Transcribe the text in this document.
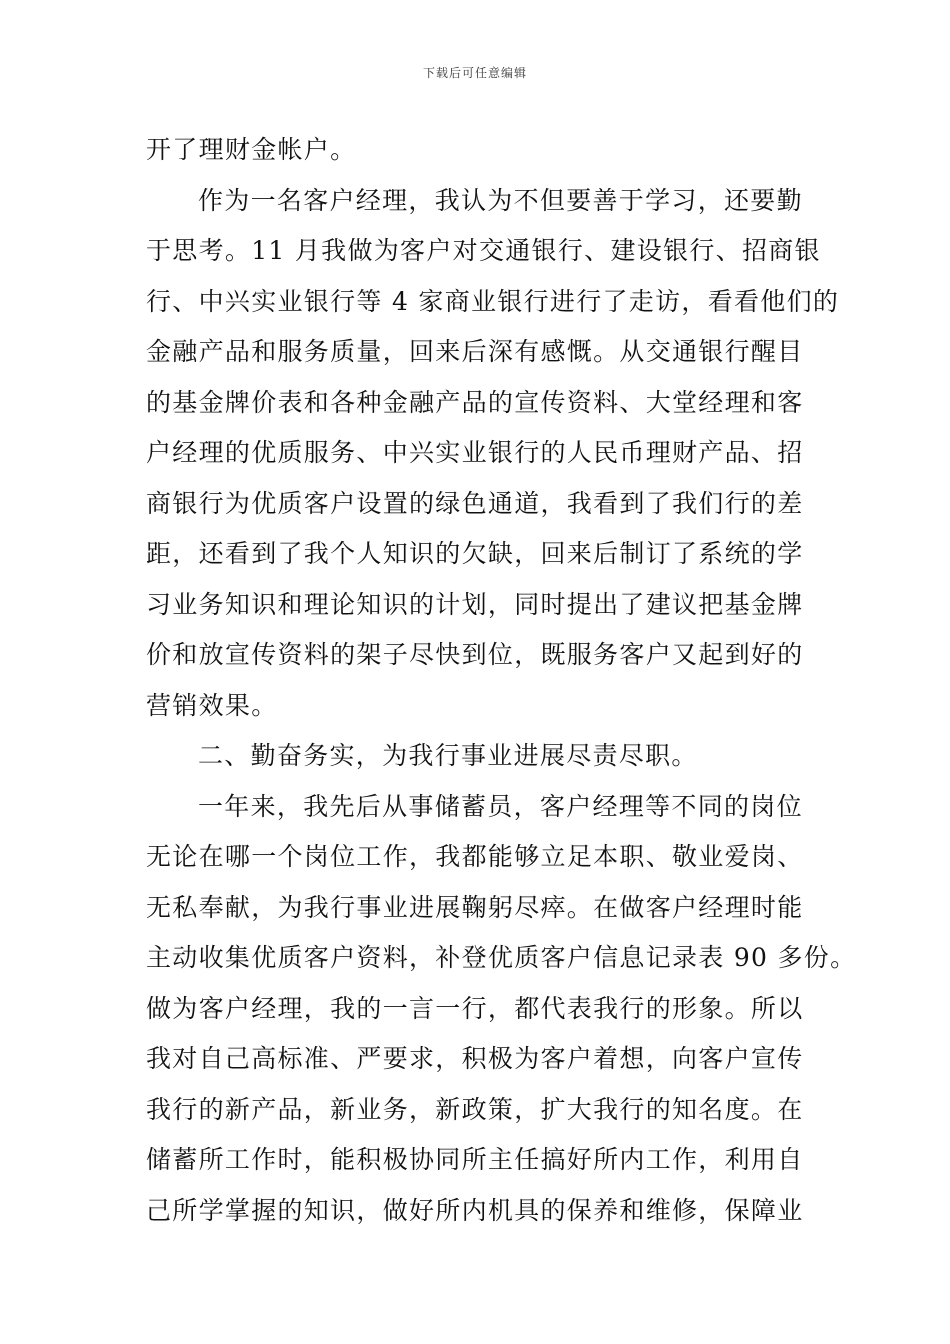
下载后可任意编辑
开了理财金帐户。
作为一名客户经理，我认为不但要善于学习，还要勤
于思考。11 月我做为客户对交通银行、建设银行、招商银
行、中兴实业银行等 4 家商业银行进行了走访，看看他们的
金融产品和服务质量，回来后深有感慨。从交通银行醒目
的基金牌价表和各种金融产品的宣传资料、大堂经理和客
户经理的优质服务、中兴实业银行的人民币理财产品、招
商银行为优质客户设置的绿色通道，我看到了我们行的差
距，还看到了我个人知识的欠缺，回来后制订了系统的学
习业务知识和理论知识的计划，同时提出了建议把基金牌
价和放宣传资料的架子尽快到位，既服务客户又起到好的
营销效果。
二、勤奋务实，为我行事业进展尽责尽职。
一年来，我先后从事储蓄员，客户经理等不同的岗位
无论在哪一个岗位工作，我都能够立足本职、敬业爱岗、
无私奉献，为我行事业进展鞠躬尽瘁。在做客户经理时能
主动收集优质客户资料，补登优质客户信息记录表 90 多份。
做为客户经理，我的一言一行，都代表我行的形象。所以
我对自己高标准、严要求，积极为客户着想，向客户宣传
我行的新产品，新业务，新政策，扩大我行的知名度。在
储蓄所工作时，能积极协同所主任搞好所内工作，利用自
己所学掌握的知识，做好所内机具的保养和维修，保障业
